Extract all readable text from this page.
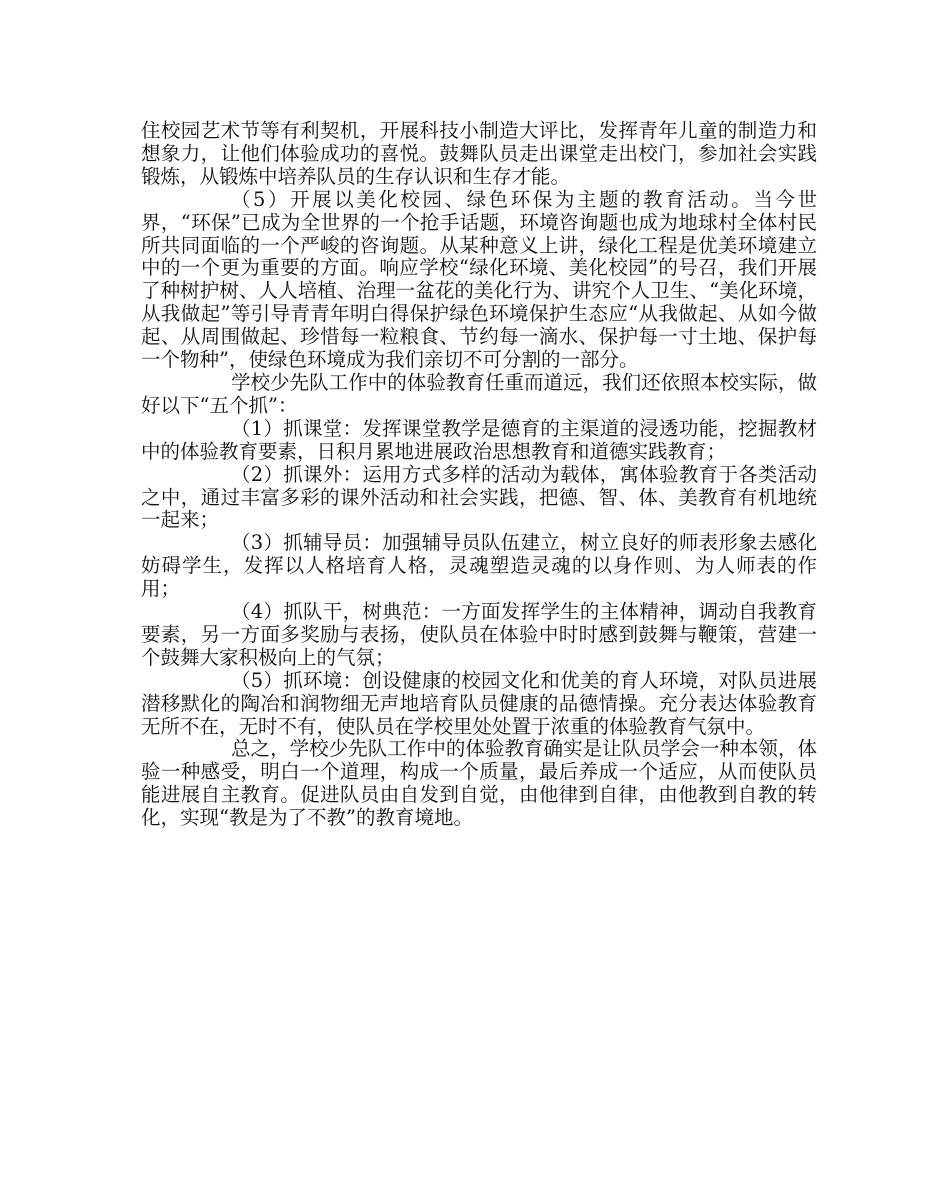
住校园艺术节等有利契机，开展科技小制造大评比，发挥青年儿童的制造力和想象力，让他们体验成功的喜悦。鼓舞队员走出课堂走出校门，参加社会实践锻炼，从锻炼中培养队员的生存认识和生存才能。

（5）开展以美化校园、绿色环保为主题的教育活动。当今世界，“环保”已成为全世界的一个抢手话题，环境咨询题也成为地球村全体村民所共同面临的一个严峻的咨询题。从某种意义上讲，绿化工程是优美环境建立中的一个更为重要的方面。响应学校“绿化环境、美化校园”的号召，我们开展了种树护树、人人培植、治理一盆花的美化行为、讲究个人卫生、“美化环境，从我做起”等引导青青年明白得保护绿色环境保护生态应“从我做起、从如今做起、从周围做起、珍惜每一粒粮食、节约每一滴水、保护每一寸土地、保护每一个物种”，使绿色环境成为我们亲切不可分割的一部分。

学校少先队工作中的体验教育任重而道远，我们还依照本校实际，做好以下“五个抓”：

（1）抓课堂：发挥课堂教学是德育的主渠道的浸透功能，挖掘教材中的体验教育要素，日积月累地进展政治思想教育和道德实践教育；

（2）抓课外：运用方式多样的活动为载体，寓体验教育于各类活动之中，通过丰富多彩的课外活动和社会实践，把德、智、体、美教育有机地统一起来；

（3）抓辅导员：加强辅导员队伍建立，树立良好的师表形象去感化妨碍学生，发挥以人格培育人格，灵魂塑造灵魂的以身作则、为人师表的作用；

（4）抓队干，树典范：一方面发挥学生的主体精神，调动自我教育要素，另一方面多奖励与表扬，使队员在体验中时时感到鼓舞与鞭策，营建一个鼓舞大家积极向上的气氛；

（5）抓环境：创设健康的校园文化和优美的育人环境，对队员进展潜移默化的陶冶和润物细无声地培育队员健康的品德情操。充分表达体验教育无所不在，无时不有，使队员在学校里处处置于浓重的体验教育气氛中。

总之，学校少先队工作中的体验教育确实是让队员学会一种本领，体验一种感受，明白一个道理，构成一个质量，最后养成一个适应，从而使队员能进展自主教育。促进队员由自发到自觉，由他律到自律，由他教到自教的转化，实现“教是为了不教”的教育境地。
